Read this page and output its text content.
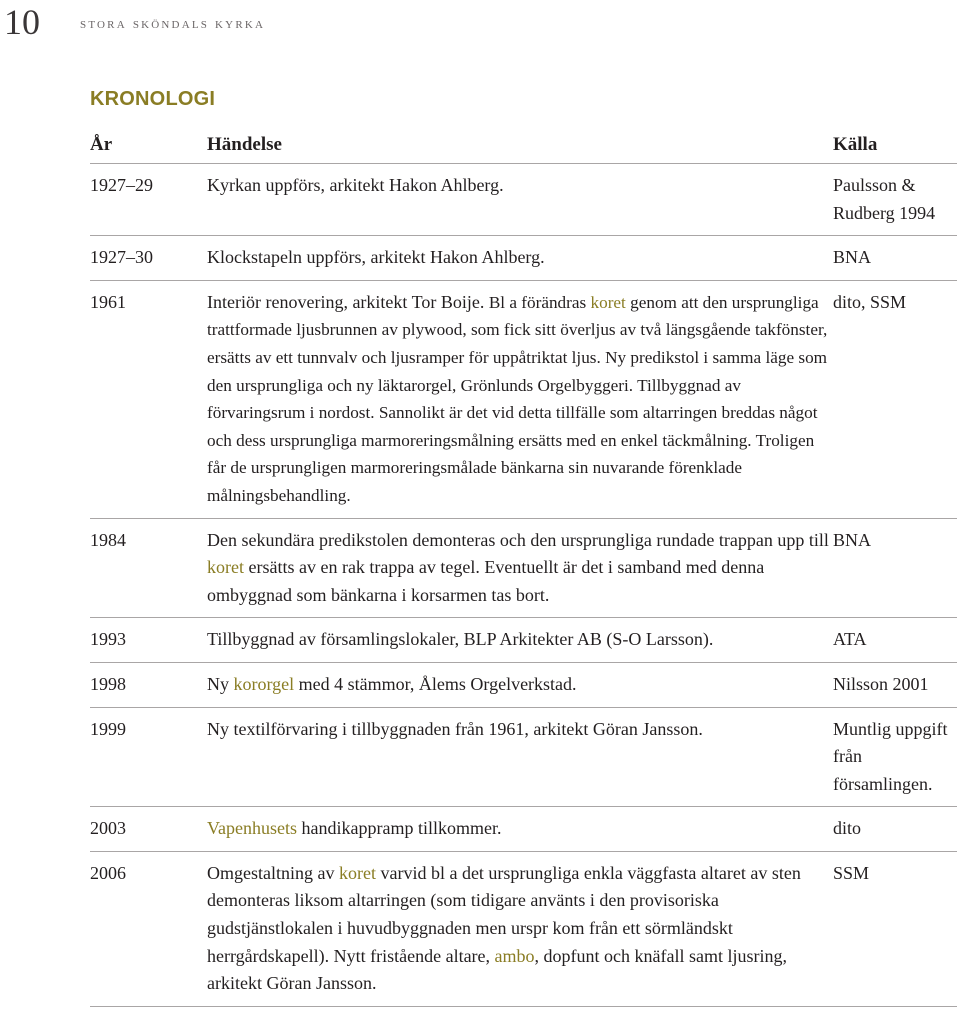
10	stora sköndals kyrka
KRONOLOGI
År	Händelse	Källa
1927–29	Kyrkan uppförs, arkitekt Hakon Ahlberg.	Paulsson & Rudberg 1994
1927–30	Klockstapeln uppförs, arkitekt Hakon Ahlberg.	BNA
1961	Interiör renovering, arkitekt Tor Boije. Bl a förändras koret genom att den ursprungliga trattformade ljusbrunnen av plywood, som fick sitt överljus av två längsgående takfönster, ersätts av ett tunnvalv och ljusramper för uppåtriktat ljus. Ny predikstol i samma läge som den ursprungliga och ny läktarorgel, Grönlunds Orgelbyggeri. Tillbyggnad av förvaringsrum i nordost. Sannolikt är det vid detta tillfälle som altarringen breddas något och dess ursprungliga marmoreringsmålning ersätts med en enkel täckmålning. Troligen får de ursprungligen marmoreringsmålade bänkarna sin nuvarande förenklade målningsbehandling.	dito, SSM
1984	Den sekundära predikstolen demonteras och den ursprungliga rundade trappan upp till koret ersätts av en rak trappa av tegel. Eventuellt är det i samband med denna ombyggnad som bänkarna i korsarmen tas bort.	BNA
1993	Tillbyggnad av församlingslokaler, BLP Arkitekter AB (S-O Larsson).	ATA
1998	Ny kororgel med 4 stämmor, Ålems Orgelverkstad.	Nilsson 2001
1999	Ny textilförvaring i tillbyggnaden från 1961, arkitekt Göran Jansson.	Muntlig uppgift från församlingen.
2003	Vapenhusets handikappramp tillkommer.	dito
2006	Omgestaltning av koret varvid bl a det ursprungliga enkla väggfasta altaret av sten demonteras liksom altarringen (som tidigare använts i den provisoriska gudstjänstlokalen i huvudbyggnaden men urspr kom från ett sörmländskt herrgårdskapell). Nytt fristående altare, ambo, dopfunt och knäfall samt ljusring, arkitekt Göran Jansson.	SSM
